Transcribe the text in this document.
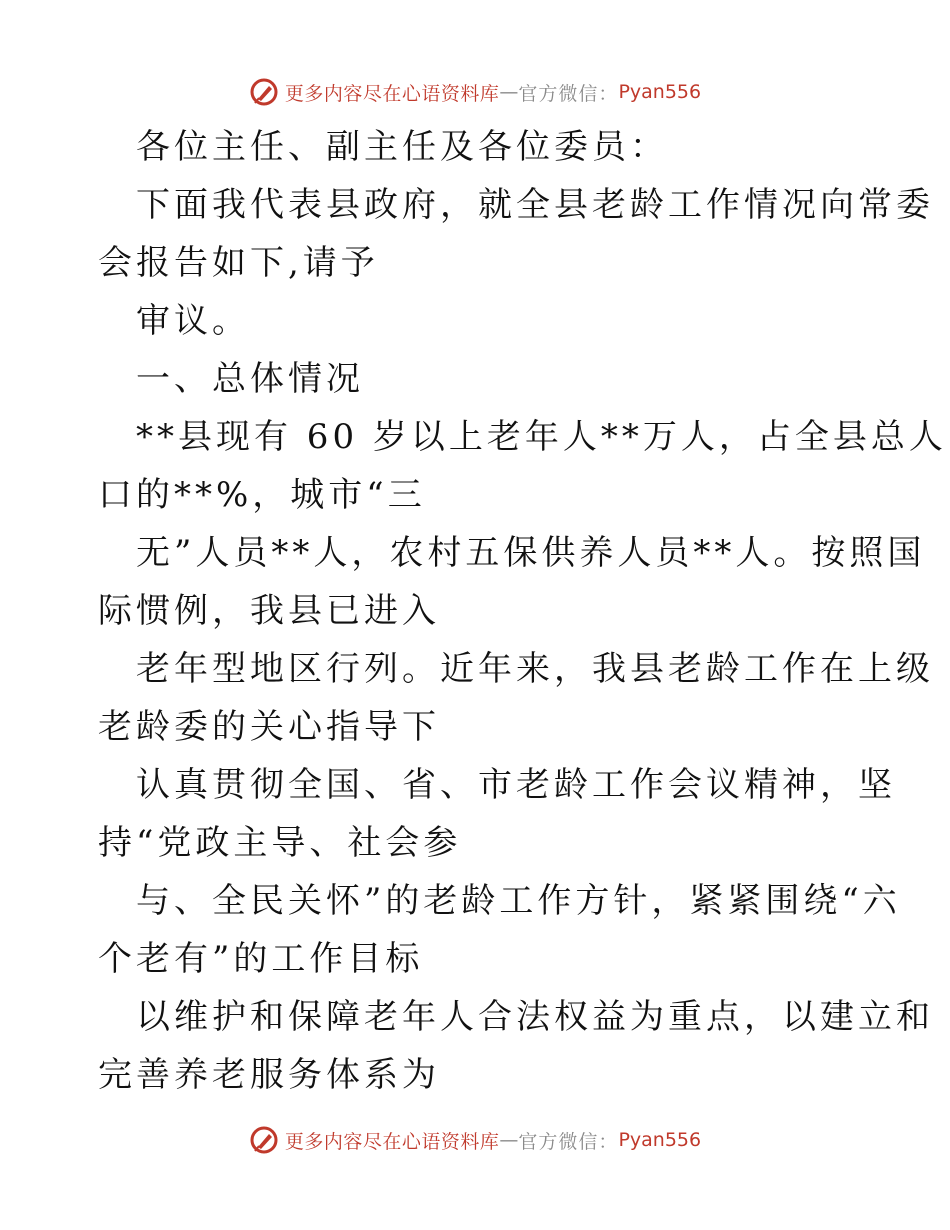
更多内容尽在心语资料库 — 官方微信： Pyan556
各位主任、副主任及各位委员：
下面我代表县政府，就全县老龄工作情况向常委
会报告如下,请予
审议。
一、总体情况
**县现有 60 岁以上老年人**万人，占全县总人
口的**%，城市“三
无”人员**人，农村五保供养人员**人。按照国
际惯例，我县已进入
老年型地区行列。近年来，我县老龄工作在上级
老龄委的关心指导下
认真贯彻全国、省、市老龄工作会议精神，坚
持“党政主导、社会参
与、全民关怀”的老龄工作方针，紧紧围绕“六
个老有”的工作目标
以维护和保障老年人合法权益为重点，以建立和
完善养老服务体系为
更多内容尽在心语资料库 — 官方微信： Pyan556
